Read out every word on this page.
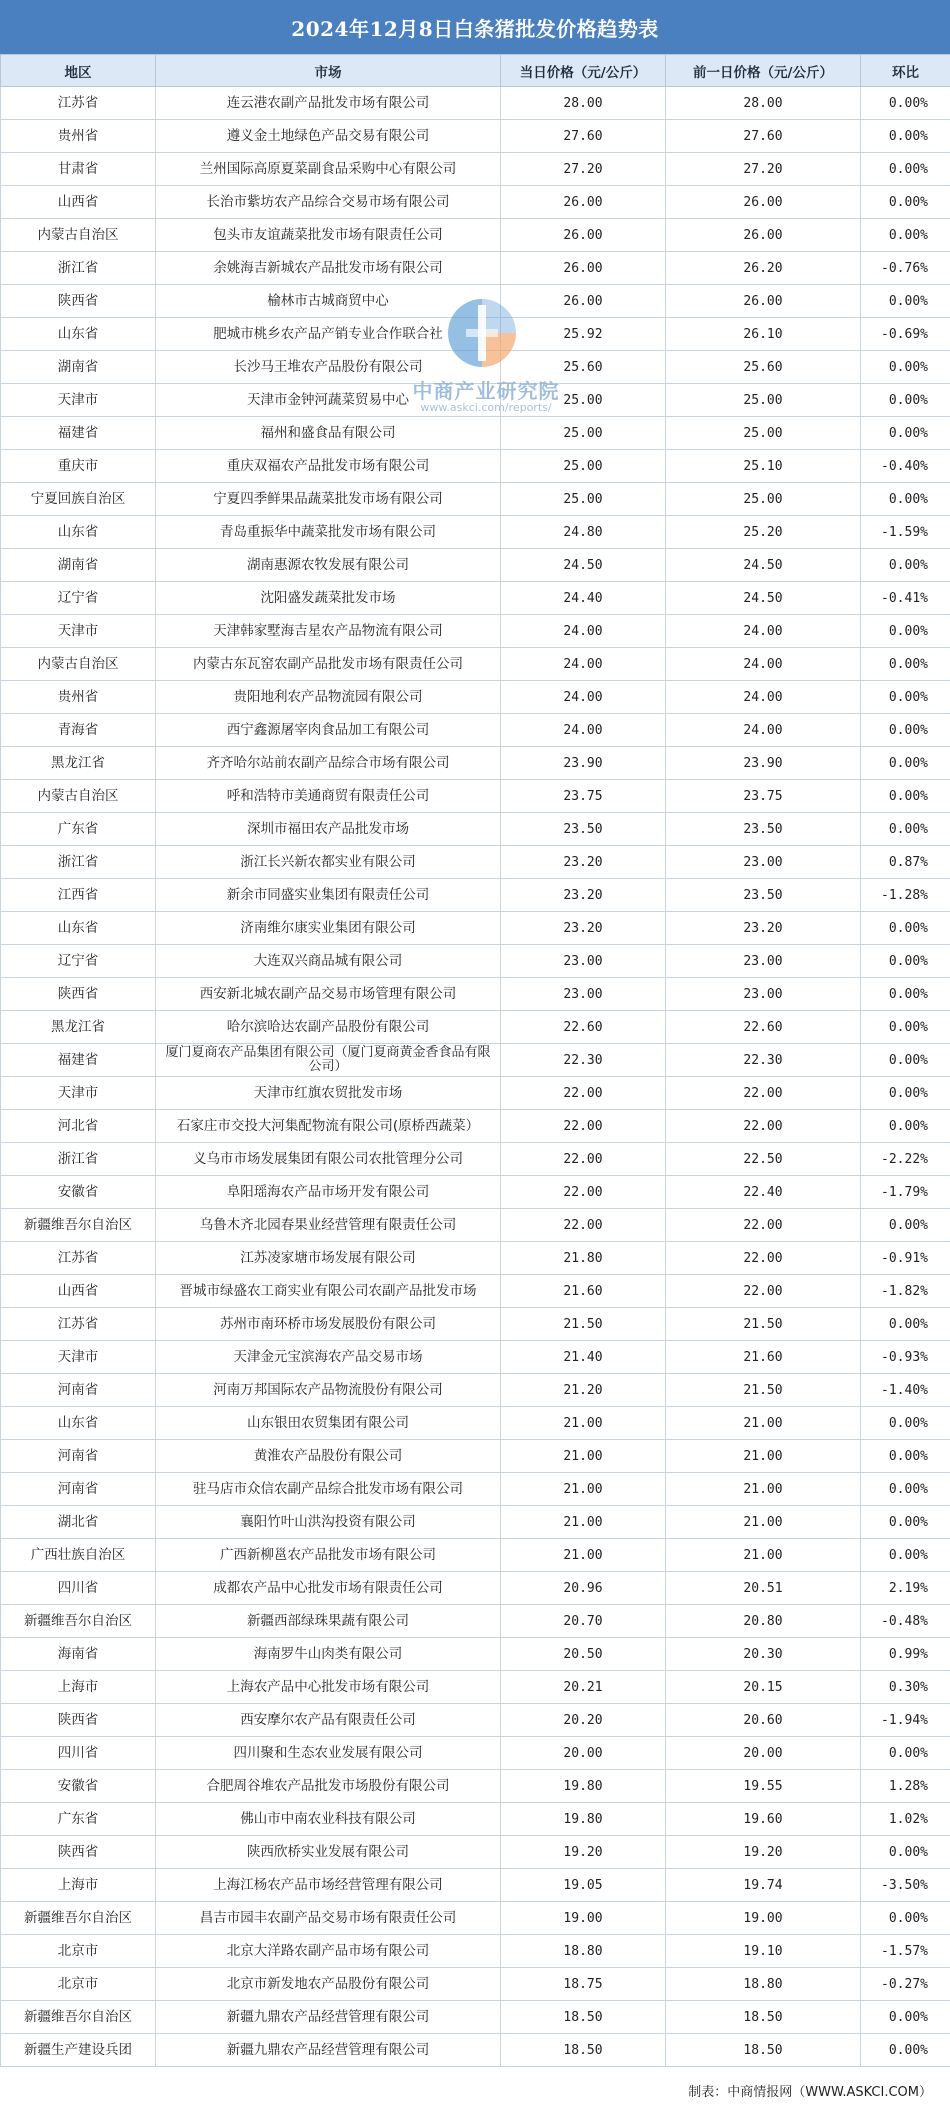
2024年12月8日白条猪批发价格趋势表
地区	市场	当日价格（元/公斤）	前一日价格（元/公斤）	环比
江苏省	连云港农副产品批发市场有限公司	28.00	28.00	0.00%
贵州省	遵义金土地绿色产品交易有限公司	27.60	27.60	0.00%
甘肃省	兰州国际高原夏菜副食品采购中心有限公司	27.20	27.20	0.00%
山西省	长治市紫坊农产品综合交易市场有限公司	26.00	26.00	0.00%
内蒙古自治区	包头市友谊蔬菜批发市场有限责任公司	26.00	26.00	0.00%
浙江省	余姚海吉新城农产品批发市场有限公司	26.00	26.20	-0.76%
陕西省	榆林市古城商贸中心	26.00	26.00	0.00%
山东省	肥城市桃乡农产品产销专业合作联合社	25.92	26.10	-0.69%
湖南省	长沙马王堆农产品股份有限公司	25.60	25.60	0.00%
天津市	天津市金钟河蔬菜贸易中心	25.00	25.00	0.00%
福建省	福州和盛食品有限公司	25.00	25.00	0.00%
重庆市	重庆双福农产品批发市场有限公司	25.00	25.10	-0.40%
宁夏回族自治区	宁夏四季鲜果品蔬菜批发市场有限公司	25.00	25.00	0.00%
山东省	青岛重振华中蔬菜批发市场有限公司	24.80	25.20	-1.59%
湖南省	湖南惠源农牧发展有限公司	24.50	24.50	0.00%
辽宁省	沈阳盛发蔬菜批发市场	24.40	24.50	-0.41%
天津市	天津韩家墅海吉星农产品物流有限公司	24.00	24.00	0.00%
内蒙古自治区	内蒙古东瓦窑农副产品批发市场有限责任公司	24.00	24.00	0.00%
贵州省	贵阳地利农产品物流园有限公司	24.00	24.00	0.00%
青海省	西宁鑫源屠宰肉食品加工有限公司	24.00	24.00	0.00%
黑龙江省	齐齐哈尔站前农副产品综合市场有限公司	23.90	23.90	0.00%
内蒙古自治区	呼和浩特市美通商贸有限责任公司	23.75	23.75	0.00%
广东省	深圳市福田农产品批发市场	23.50	23.50	0.00%
浙江省	浙江长兴新农都实业有限公司	23.20	23.00	0.87%
江西省	新余市同盛实业集团有限责任公司	23.20	23.50	-1.28%
山东省	济南维尔康实业集团有限公司	23.20	23.20	0.00%
辽宁省	大连双兴商品城有限公司	23.00	23.00	0.00%
陕西省	西安新北城农副产品交易市场管理有限公司	23.00	23.00	0.00%
黑龙江省	哈尔滨哈达农副产品股份有限公司	22.60	22.60	0.00%
福建省	厦门夏商农产品集团有限公司（厦门夏商黄金香食品有限公司）	22.30	22.30	0.00%
天津市	天津市红旗农贸批发市场	22.00	22.00	0.00%
河北省	石家庄市交投大河集配物流有限公司(原桥西蔬菜）	22.00	22.00	0.00%
浙江省	义乌市市场发展集团有限公司农批管理分公司	22.00	22.50	-2.22%
安徽省	阜阳瑶海农产品市场开发有限公司	22.00	22.40	-1.79%
新疆维吾尔自治区	乌鲁木齐北园春果业经营管理有限责任公司	22.00	22.00	0.00%
江苏省	江苏凌家塘市场发展有限公司	21.80	22.00	-0.91%
山西省	晋城市绿盛农工商实业有限公司农副产品批发市场	21.60	22.00	-1.82%
江苏省	苏州市南环桥市场发展股份有限公司	21.50	21.50	0.00%
天津市	天津金元宝滨海农产品交易市场	21.40	21.60	-0.93%
河南省	河南万邦国际农产品物流股份有限公司	21.20	21.50	-1.40%
山东省	山东银田农贸集团有限公司	21.00	21.00	0.00%
河南省	黄淮农产品股份有限公司	21.00	21.00	0.00%
河南省	驻马店市众信农副产品综合批发市场有限公司	21.00	21.00	0.00%
湖北省	襄阳竹叶山洪沟投资有限公司	21.00	21.00	0.00%
广西壮族自治区	广西新柳邕农产品批发市场有限公司	21.00	21.00	0.00%
四川省	成都农产品中心批发市场有限责任公司	20.96	20.51	2.19%
新疆维吾尔自治区	新疆西部绿珠果蔬有限公司	20.70	20.80	-0.48%
海南省	海南罗牛山肉类有限公司	20.50	20.30	0.99%
上海市	上海农产品中心批发市场有限公司	20.21	20.15	0.30%
陕西省	西安摩尔农产品有限责任公司	20.20	20.60	-1.94%
四川省	四川聚和生态农业发展有限公司	20.00	20.00	0.00%
安徽省	合肥周谷堆农产品批发市场股份有限公司	19.80	19.55	1.28%
广东省	佛山市中南农业科技有限公司	19.80	19.60	1.02%
陕西省	陕西欣桥实业发展有限公司	19.20	19.20	0.00%
上海市	上海江杨农产品市场经营管理有限公司	19.05	19.74	-3.50%
新疆维吾尔自治区	昌吉市园丰农副产品交易市场有限责任公司	19.00	19.00	0.00%
北京市	北京大洋路农副产品市场有限公司	18.80	19.10	-1.57%
北京市	北京市新发地农产品股份有限公司	18.75	18.80	-0.27%
新疆维吾尔自治区	新疆九鼎农产品经营管理有限公司	18.50	18.50	0.00%
新疆生产建设兵团	新疆九鼎农产品经营管理有限公司	18.50	18.50	0.00%
中商产业研究院
www.askci.com/reports/
制表：中商情报网（WWW.ASKCI.COM）
